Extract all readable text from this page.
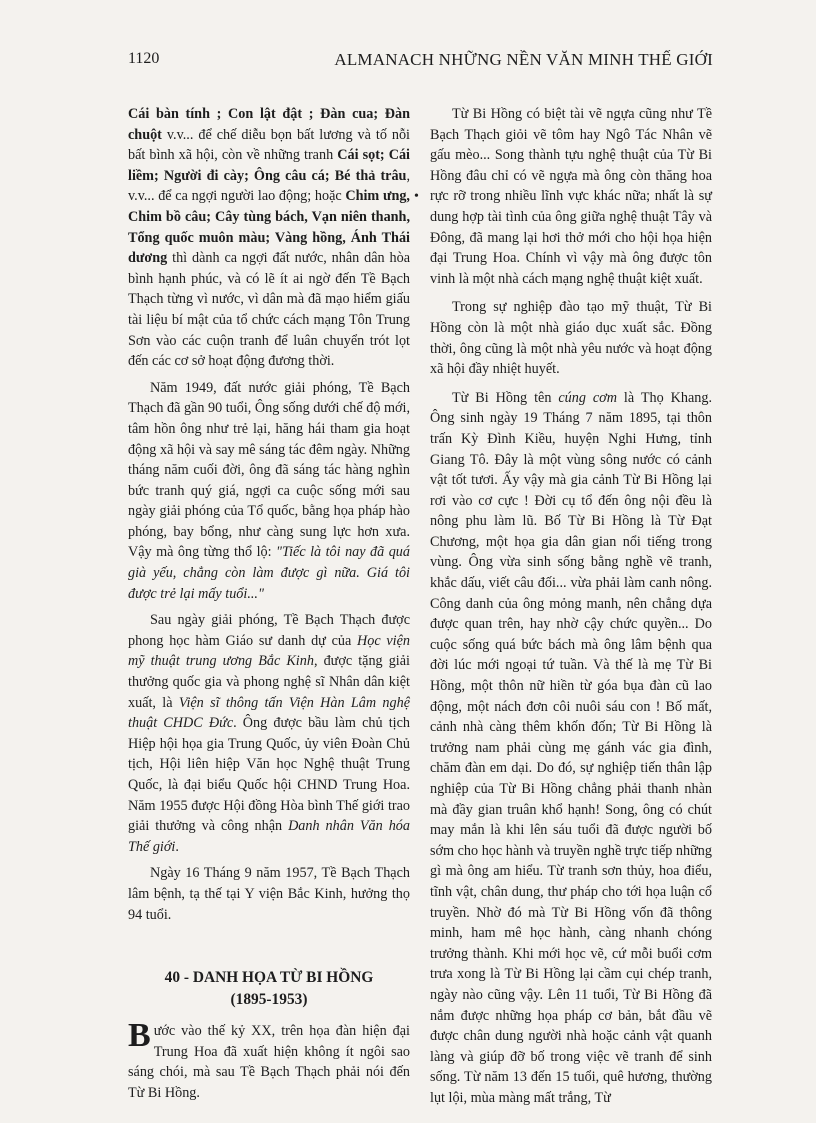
1120	ALMANACH NHỮNG NỀN VĂN MINH THẾ GIỚI

Cái bàn tính ; Con lật đật ; Đàn cua; Đàn chuột v.v... để chế diễu bọn bất lương và tố nỗi bất bình xã hội, còn về những tranh Cái sọt; Cái liềm; Người đi cày; Ông câu cá; Bé thả trâu, v.v... để ca ngợi người lao động; hoặc Chim ưng, Chim bồ câu; Cây tùng bách, Vạn niên thanh, Tổng quốc muôn màu; Vàng hồng, Ánh Thái dương thì dành ca ngợi đất nước, nhân dân hòa bình hạnh phúc, và có lẽ ít ai ngờ đến Tề Bạch Thạch từng vì nước, vì dân mà đã mạo hiểm giấu tài liệu bí mật của tổ chức cách mạng Tôn Trung Sơn vào các cuộn tranh để luân chuyển trót lọt đến các cơ sở hoạt động đương thời.

Năm 1949, đất nước giải phóng, Tề Bạch Thạch đã gần 90 tuổi, Ông sống dưới chế độ mới, tâm hồn ông như trẻ lại, hăng hái tham gia hoạt động xã hội và say mê sáng tác đêm ngày. Những tháng năm cuối đời, ông đã sáng tác hàng nghìn bức tranh quý giá, ngợi ca cuộc sống mới sau ngày giải phóng của Tổ quốc, bằng họa pháp hào phóng, bay bổng, như càng sung lực hơn xưa. Vậy mà ông từng thổ lộ: "Tiếc là tôi nay đã quá già yếu, chẳng còn làm được gì nữa. Giá tôi được trẻ lại mấy tuổi..."

Sau ngày giải phóng, Tề Bạch Thạch được phong học hàm Giáo sư danh dự của Học viện mỹ thuật trung ương Bắc Kinh, được tặng giải thưởng quốc gia và phong nghệ sĩ Nhân dân kiệt xuất, là Viện sĩ thông tấn Viện Hàn Lâm nghệ thuật CHDC Đức. Ông được bầu làm chủ tịch Hiệp hội họa gia Trung Quốc, ủy viên Đoàn Chủ tịch, Hội liên hiệp Văn học Nghệ thuật Trung Quốc, là đại biểu Quốc hội CHND Trung Hoa. Năm 1955 được Hội đồng Hòa bình Thế giới trao giải thưởng và công nhận Danh nhân Văn hóa Thế giới.

Ngày 16 Tháng 9 năm 1957, Tề Bạch Thạch lâm bệnh, tạ thế tại Y viện Bắc Kinh, hưởng thọ 94 tuổi.

40 - DANH HỌA TỪ BI HỒNG
(1895-1953)

Bước vào thế kỷ XX, trên họa đàn hiện đại Trung Hoa đã xuất hiện không ít ngôi sao sáng chói, mà sau Tề Bạch Thạch phải nói đến Từ Bi Hồng.

•

Từ Bi Hồng có biệt tài vẽ ngựa cũng như Tề Bạch Thạch giỏi vẽ tôm hay Ngô Tác Nhân vẽ gấu mèo... Song thành tựu nghệ thuật của Từ Bi Hồng đâu chỉ có vẽ ngựa mà ông còn thăng hoa rực rỡ trong nhiều lĩnh vực khác nữa; nhất là sự dung hợp tài tình của ông giữa nghệ thuật Tây và Đông, đã mang lại hơi thở mới cho hội họa hiện đại Trung Hoa. Chính vì vậy mà ông được tôn vinh là một nhà cách mạng nghệ thuật kiệt xuất.

Trong sự nghiệp đào tạo mỹ thuật, Từ Bi Hồng còn là một nhà giáo dục xuất sắc. Đồng thời, ông cũng là một nhà yêu nước và hoạt động xã hội đầy nhiệt huyết.

Từ Bi Hồng tên cúng cơm là Thọ Khang. Ông sinh ngày 19 Tháng 7 năm 1895, tại thôn trấn Kỳ Đình Kiều, huyện Nghi Hưng, tỉnh Giang Tô. Đây là một vùng sông nước có cảnh vật tốt tươi. Ấy vậy mà gia cảnh Từ Bi Hồng lại rơi vào cơ cực ! Đời cụ tổ đến ông nội đều là nông phu làm lũ. Bố Từ Bi Hồng là Từ Đạt Chương, một họa gia dân gian nổi tiếng trong vùng. Ông vừa sinh sống bằng nghề vẽ tranh, khắc dấu, viết câu đối... vừa phải làm canh nông. Công danh của ông mỏng manh, nên chẳng dựa được quan trên, hay nhờ cậy chức quyền... Do cuộc sống quá bức bách mà ông lâm bệnh qua đời lúc mới ngoại tứ tuần. Và thế là mẹ Từ Bi Hồng, một thôn nữ hiền từ góa bụa đàn cũ lao động, một nách đơn côi nuôi sáu con ! Bố mất, cảnh nhà càng thêm khốn đốn; Từ Bi Hồng là trưởng nam phải cùng mẹ gánh vác gia đình, chăm đàn em dại. Do đó, sự nghiệp tiến thân lập nghiệp của Từ Bi Hồng chẳng phải thanh nhàn mà đầy gian truân khổ hạnh! Song, ông có chút may mắn là khi lên sáu tuổi đã được người bố sớm cho học hành và truyền nghề trực tiếp những gì mà ông am hiểu. Từ tranh sơn thủy, hoa điểu, tĩnh vật, chân dung, thư pháp cho tới họa luận cổ truyền. Nhờ đó mà Từ Bi Hồng vốn đã thông minh, ham mê học hành, càng nhanh chóng trưởng thành. Khi mới học vẽ, cứ mỗi buổi cơm trưa xong là Từ Bi Hồng lại cầm cụi chép tranh, ngày nào cũng vậy. Lên 11 tuổi, Từ Bi Hồng đã nắm được những họa pháp cơ bản, bắt đầu vẽ được chân dung người nhà hoặc cảnh vật quanh làng và giúp đỡ bố trong việc vẽ tranh để sinh sống. Từ năm 13 đến 15 tuổi, quê hương, thường lụt lội, mùa màng mất trắng, Từ
